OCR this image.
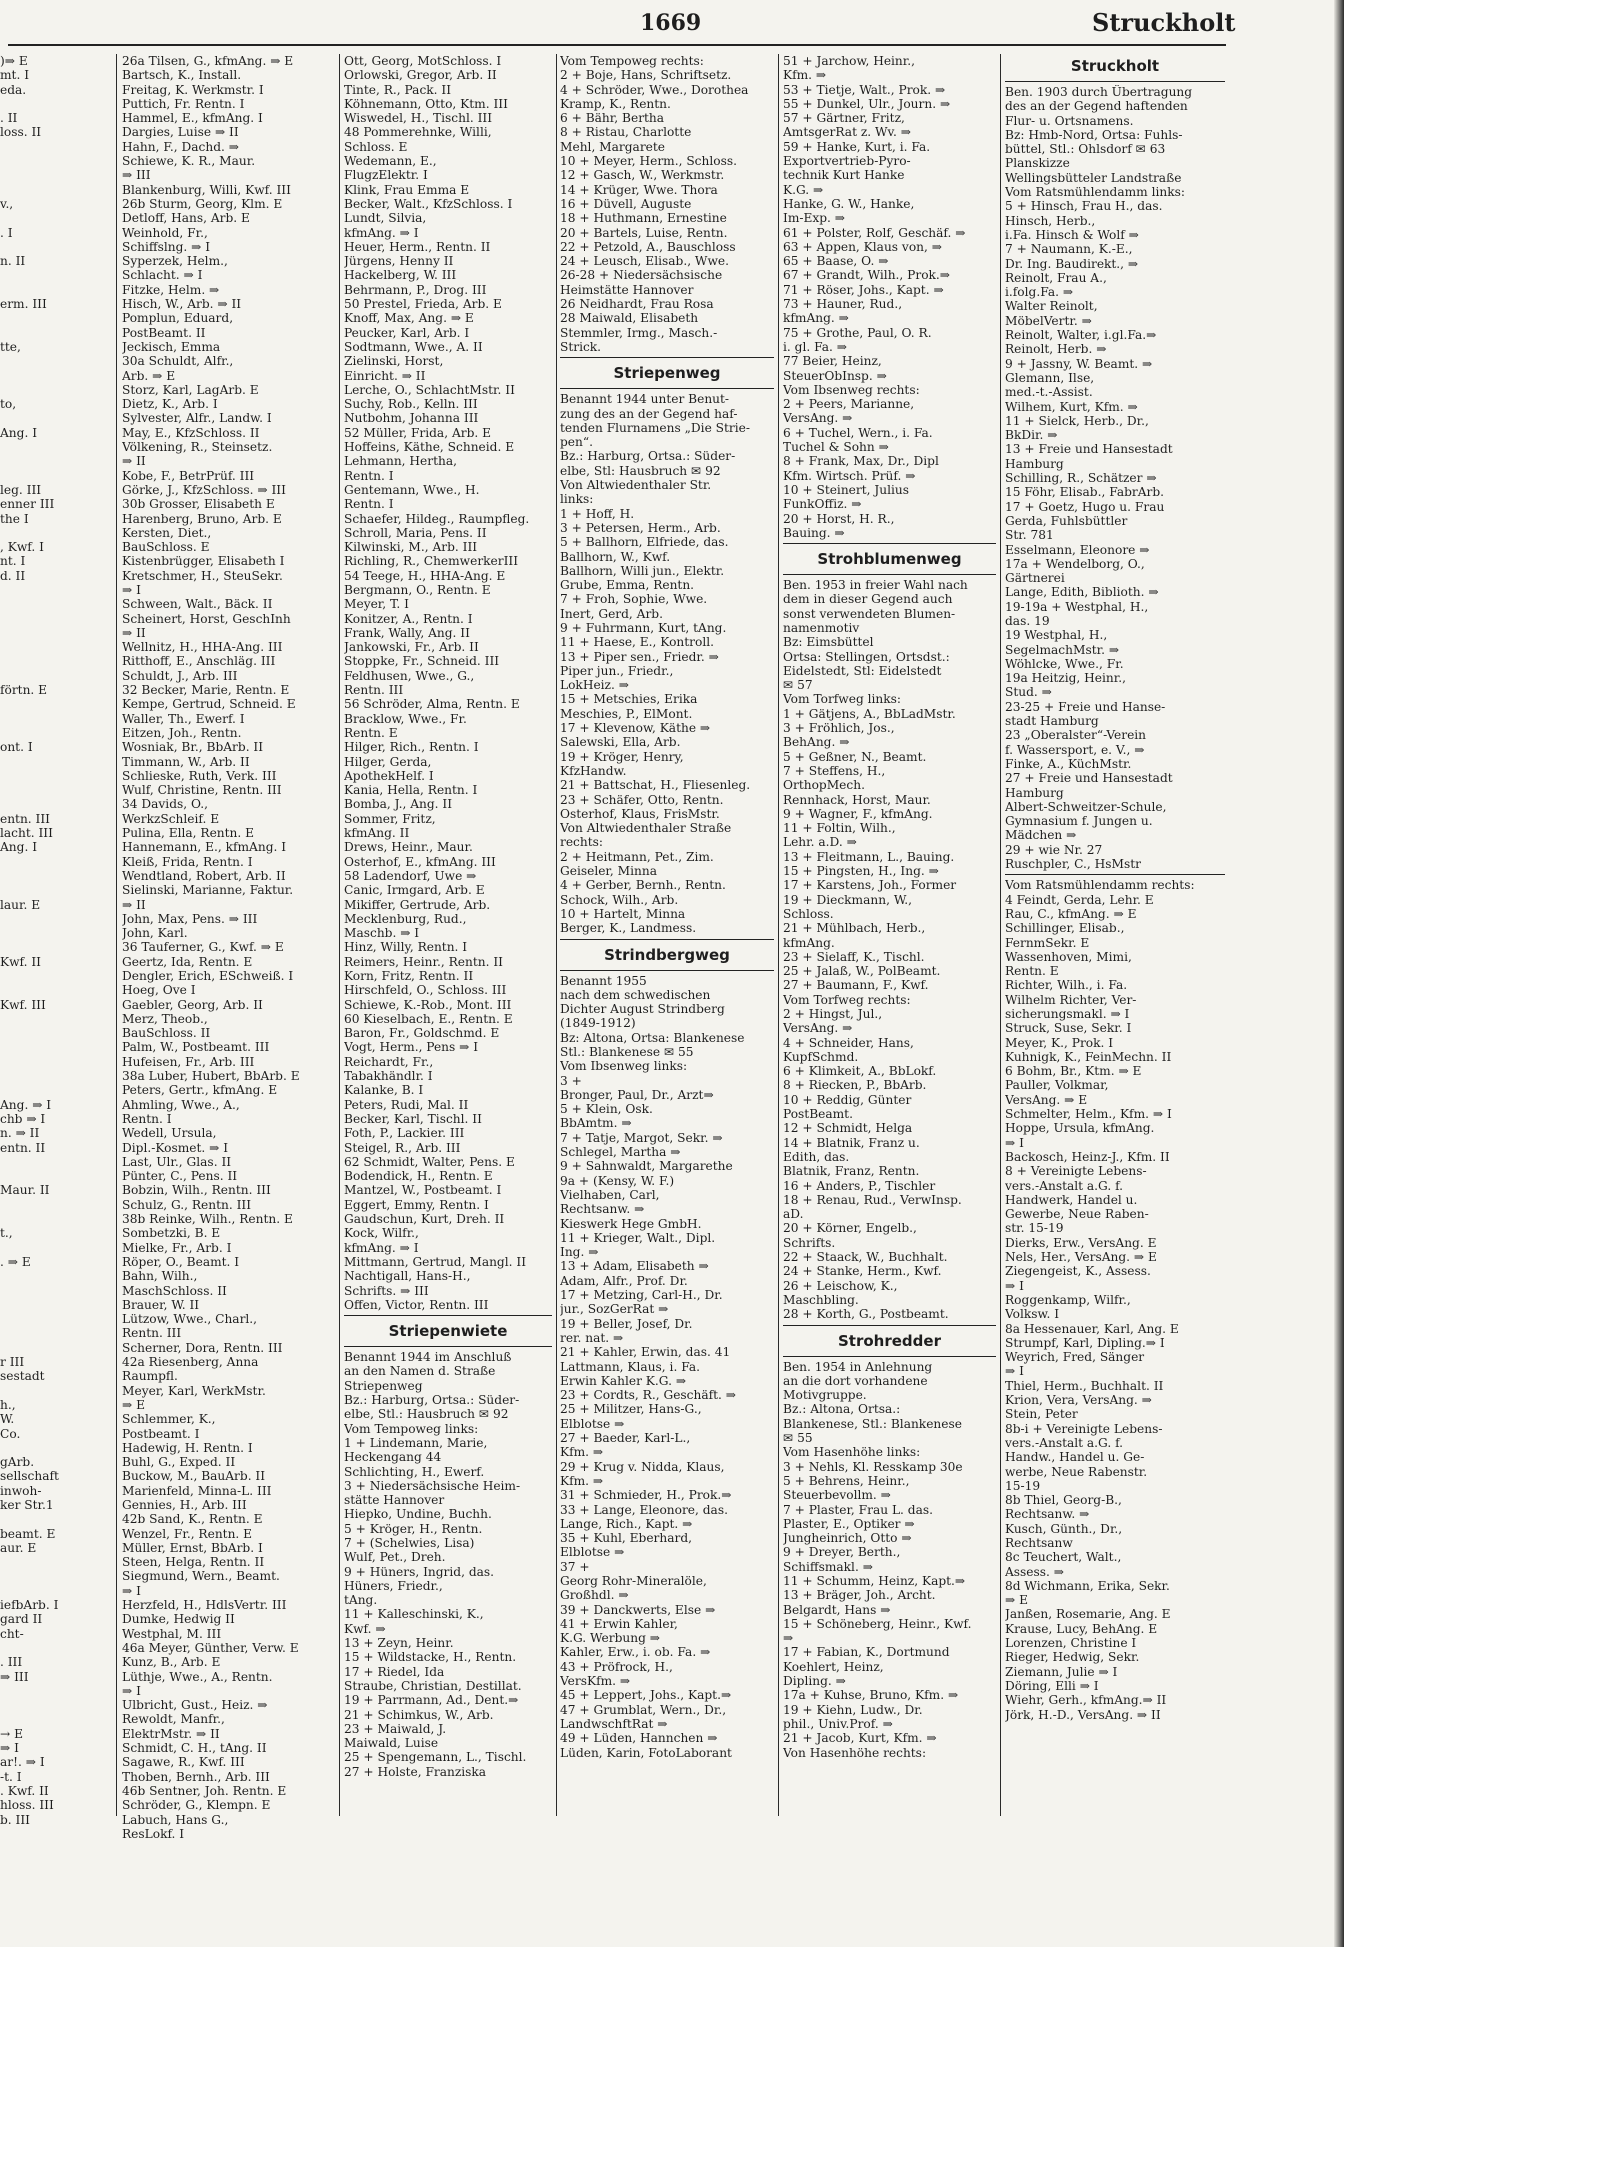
1669	Struckholt
)⇒ E
mt. I
eda.
. II
loss. II
v.,
. I
n. II
erm. III
tte,
to,
Ang. I
leg. III
enner III
the I
, Kwf. I
nt. I
d. II
förtn. E
ont. I
entn. III
lacht. III
Ang. I
laur. E
Kwf. II
Kwf. III
Ang. ⇒ I
chb ⇒ I
n. ⇒ II
entn. II
Maur. II
t.,
. ⇒ E
r III
sestadt
h.,
W.
Co.
gArb.
sellschaft
inwoh-
ker Str.1
beamt. E
aur. E
iefbArb. I
gard II
cht-
. III
⇒ III
→ E
⇒ I
ar!. ⇒ I
-t. I
. Kwf. II
hloss. III
b. III
26a Tilsen, G., kfmAng. ⇒ E
Bartsch, K., Install.
Freitag, K. Werkmstr. I
Puttich, Fr. Rentn. I
Hammel, E., kfmAng. I
Dargies, Luise ⇒ II
Hahn, F., Dachd. ⇒
Schiewe, K. R., Maur.
⇒ III
Blankenburg, Willi, Kwf. III
26b Sturm, Georg, Klm. E
Detloff, Hans, Arb. E
Weinhold, Fr.,
Schiffslng. ⇒ I
Syperzek, Helm.,
Schlacht. ⇒ I
Fitzke, Helm. ⇒
Hisch, W., Arb. ⇒ II
Pomplun, Eduard,
PostBeamt. II
Jeckisch, Emma
30a Schuldt, Alfr.,
Arb. ⇒ E
Storz, Karl, LagArb. E
Dietz, K., Arb. I
Sylvester, Alfr., Landw. I
May, E., KfzSchloss. II
Völkening, R., Steinsetz.
⇒ II
Kobe, F., BetrPrüf. III
Görke, J., KfzSchloss. ⇒ III
30b Grosser, Elisabeth E
Harenberg, Bruno, Arb. E
Kersten, Diet.,
BauSchloss. E
Kistenbrügger, Elisabeth I
Kretschmer, H., SteuSekr.
⇒ I
Schween, Walt., Bäck. II
Scheinert, Horst, GeschInh
⇒ II
Wellnitz, H., HHA-Ang. III
Ritthoff, E., Anschläg. III
Schuldt, J., Arb. III
32 Becker, Marie, Rentn. E
Kempe, Gertrud, Schneid. E
Waller, Th., Ewerf. I
Eitzen, Joh., Rentn.
Wosniak, Br., BbArb. II
Timmann, W., Arb. II
Schlieske, Ruth, Verk. III
Wulf, Christine, Rentn. III
34 Davids, O.,
WerkzSchleif. E
Pulina, Ella, Rentn. E
Hannemann, E., kfmAng. I
Kleiß, Frida, Rentn. I
Wendtland, Robert, Arb. II
Sielinski, Marianne, Faktur.
⇒ II
John, Max, Pens. ⇒ III
John, Karl.
36 Tauferner, G., Kwf. ⇒ E
Geertz, Ida, Rentn. E
Dengler, Erich, ESchweiß. I
Hoeg, Ove I
Gaebler, Georg, Arb. II
Merz, Theob.,
BauSchloss. II
Palm, W., Postbeamt. III
Hufeisen, Fr., Arb. III
38a Luber, Hubert, BbArb. E
Peters, Gertr., kfmAng. E
Ahmling, Wwe., A.,
Rentn. I
Wedell, Ursula,
Dipl.-Kosmet. ⇒ I
Last, Ulr., Glas. II
Pünter, C., Pens. II
Bobzin, Wilh., Rentn. III
Schulz, G., Rentn. III
38b Reinke, Wilh., Rentn. E
Sombetzki, B. E
Mielke, Fr., Arb. I
Röper, O., Beamt. I
Bahn, Wilh.,
MaschSchloss. II
Brauer, W. II
Lützow, Wwe., Charl.,
Rentn. III
Scherner, Dora, Rentn. III
42a Riesenberg, Anna
Raumpfl.
Meyer, Karl, WerkMstr.
⇒ E
Schlemmer, K.,
Postbeamt. I
Hadewig, H. Rentn. I
Buhl, G., Exped. II
Buckow, M., BauArb. II
Marienfeld, Minna-L. III
Gennies, H., Arb. III
42b Sand, K., Rentn. E
Wenzel, Fr., Rentn. E
Müller, Ernst, BbArb. I
Steen, Helga, Rentn. II
Siegmund, Wern., Beamt.
⇒ I
Herzfeld, H., HdlsVertr. III
Dumke, Hedwig II
Westphal, M. III
46a Meyer, Günther, Verw. E
Kunz, B., Arb. E
Lüthje, Wwe., A., Rentn.
⇒ I
Ulbricht, Gust., Heiz. ⇒
Rewoldt, Manfr.,
ElektrMstr. ⇒ II
Schmidt, C. H., tAng. II
Sagawe, R., Kwf. III
Thoben, Bernh., Arb. III
46b Sentner, Joh. Rentn. E
Schröder, G., Klempn. E
Labuch, Hans G.,
ResLokf. I
Ott, Georg, MotSchloss. I
Orlowski, Gregor, Arb. II
Tinte, R., Pack. II
Köhnemann, Otto, Ktm. III
Wiswedel, H., Tischl. III
48 Pommerehnke, Willi,
Schloss. E
Wedemann, E.,
FlugzElektr. I
Klink, Frau Emma E
Becker, Walt., KfzSchloss. I
Lundt, Silvia,
kfmAng. ⇒ I
Heuer, Herm., Rentn. II
Jürgens, Henny II
Hackelberg, W. III
Behrmann, P., Drog. III
50 Prestel, Frieda, Arb. E
Knoff, Max, Ang. ⇒ E
Peucker, Karl, Arb. I
Sodtmann, Wwe., A. II
Zielinski, Horst,
Einricht. ⇒ II
Lerche, O., SchlachtMstr. II
Suchy, Rob., Kelln. III
Nutbohm, Johanna III
52 Müller, Frida, Arb. E
Hoffeins, Käthe, Schneid. E
Lehmann, Hertha,
Rentn. I
Gentemann, Wwe., H.
Rentn. I
Schaefer, Hildeg., Raumpfleg.
Schroll, Maria, Pens. II
Kilwinski, M., Arb. III
Richling, R., ChemwerkerIII
54 Teege, H., HHA-Ang. E
Bergmann, O., Rentn. E
Meyer, T. I
Konitzer, A., Rentn. I
Frank, Wally, Ang. II
Jankowski, Fr., Arb. II
Stoppke, Fr., Schneid. III
Feldhusen, Wwe., G.,
Rentn. III
56 Schröder, Alma, Rentn. E
Bracklow, Wwe., Fr.
Rentn. E
Hilger, Rich., Rentn. I
Hilger, Gerda,
ApothekHelf. I
Kania, Hella, Rentn. I
Bomba, J., Ang. II
Sommer, Fritz,
kfmAng. II
Drews, Heinr., Maur.
Osterhof, E., kfmAng. III
58 Ladendorf, Uwe ⇒
Canic, Irmgard, Arb. E
Mikiffer, Gertrude, Arb.
Mecklenburg, Rud.,
Maschb. ⇒ I
Hinz, Willy, Rentn. I
Reimers, Heinr., Rentn. II
Korn, Fritz, Rentn. II
Hirschfeld, O., Schloss. III
Schiewe, K.-Rob., Mont. III
60 Kieselbach, E., Rentn. E
Baron, Fr., Goldschmd. E
Vogt, Herm., Pens ⇒ I
Reichardt, Fr.,
Tabakhändlr. I
Kalanke, B. I
Peters, Rudi, Mal. II
Becker, Karl, Tischl. II
Foth, P., Lackier. III
Steigel, R., Arb. III
62 Schmidt, Walter, Pens. E
Bodendick, H., Rentn. E
Mantzel, W., Postbeamt. I
Eggert, Emmy, Rentn. I
Gaudschun, Kurt, Dreh. II
Kock, Wilfr.,
kfmAng. ⇒ I
Mittmann, Gertrud, Mangl. II
Nachtigall, Hans-H.,
Schrifts. ⇒ III
Offen, Victor, Rentn. III
Striepenwiete
Benannt 1944 im Anschluß
an den Namen d. Straße
Striepenweg
Bz.: Harburg, Ortsa.: Süder-
elbe, Stl.: Hausbruch ✉ 92
Vom Tempoweg links:
1 + Lindemann, Marie,
Heckengang 44
Schlichting, H., Ewerf.
3 + Niedersächsische Heim-
stätte Hannover
Hiepko, Undine, Buchh.
5 + Kröger, H., Rentn.
7 + (Schelwies, Lisa)
Wulf, Pet., Dreh.
9 + Hüners, Ingrid, das.
Hüners, Friedr.,
tAng.
11 + Kalleschinski, K.,
Kwf. ⇒
13 + Zeyn, Heinr.
15 + Wildstacke, H., Rentn.
17 + Riedel, Ida
Straube, Christian, Destillat.
19 + Parrmann, Ad., Dent.⇒
21 + Schimkus, W., Arb.
23 + Maiwald, J.
Maiwald, Luise
25 + Spengemann, L., Tischl.
27 + Holste, Franziska
Vom Tempoweg rechts:
2 + Boje, Hans, Schriftsetz.
4 + Schröder, Wwe., Dorothea
Kramp, K., Rentn.
6 + Bähr, Bertha
8 + Ristau, Charlotte
Mehl, Margarete
10 + Meyer, Herm., Schloss.
12 + Gasch, W., Werkmstr.
14 + Krüger, Wwe. Thora
16 + Düvell, Auguste
18 + Huthmann, Ernestine
20 + Bartels, Luise, Rentn.
22 + Petzold, A., Bauschloss
24 + Leusch, Elisab., Wwe.
26-28 + Niedersächsische
Heimstätte Hannover
26 Neidhardt, Frau Rosa
28 Maiwald, Elisabeth
Stemmler, Irmg., Masch.-
Strick.
Striepenweg
Benannt 1944 unter Benut-
zung des an der Gegend haf-
tenden Flurnamens „Die Strie-
pen“.
Bz.: Harburg, Ortsa.: Süder-
elbe, Stl: Hausbruch ✉ 92
Von Altwiedenthaler Str.
links:
1 + Hoff, H.
3 + Petersen, Herm., Arb.
5 + Ballhorn, Elfriede, das.
Ballhorn, W., Kwf.
Ballhorn, Willi jun., Elektr.
Grube, Emma, Rentn.
7 + Froh, Sophie, Wwe.
Inert, Gerd, Arb.
9 + Fuhrmann, Kurt, tAng.
11 + Haese, E., Kontroll.
13 + Piper sen., Friedr. ⇒
Piper jun., Friedr.,
LokHeiz. ⇒
15 + Metschies, Erika
Meschies, P., ElMont.
17 + Klevenow, Käthe ⇒
Salewski, Ella, Arb.
19 + Kröger, Henry,
KfzHandw.
21 + Battschat, H., Fliesenleg.
23 + Schäfer, Otto, Rentn.
Osterhof, Klaus, FrisMstr.
Von Altwiedenthaler Straße
rechts:
2 + Heitmann, Pet., Zim.
Geiseler, Minna
4 + Gerber, Bernh., Rentn.
Schock, Wilh., Arb.
10 + Hartelt, Minna
Berger, K., Landmess.
Strindbergweg
Benannt 1955
nach dem schwedischen
Dichter August Strindberg
(1849-1912)
Bz: Altona, Ortsa: Blankenese
Stl.: Blankenese ✉ 55
Vom Ibsenweg links:
3 +
Bronger, Paul, Dr., Arzt⇒
5 + Klein, Osk.
BbAmtm. ⇒
7 + Tatje, Margot, Sekr. ⇒
Schlegel, Martha ⇒
9 + Sahnwaldt, Margarethe
9a + (Kensy, W. F.)
Vielhaben, Carl,
Rechtsanw. ⇒
Kieswerk Hege GmbH.
11 + Krieger, Walt., Dipl.
Ing. ⇒
13 + Adam, Elisabeth ⇒
Adam, Alfr., Prof. Dr.
17 + Metzing, Carl-H., Dr.
jur., SozGerRat ⇒
19 + Beller, Josef, Dr.
rer. nat. ⇒
21 + Kahler, Erwin, das. 41
Lattmann, Klaus, i. Fa.
Erwin Kahler K.G. ⇒
23 + Cordts, R., Geschäft. ⇒
25 + Militzer, Hans-G.,
Elblotse ⇒
27 + Baeder, Karl-L.,
Kfm. ⇒
29 + Krug v. Nidda, Klaus,
Kfm. ⇒
31 + Schmieder, H., Prok.⇒
33 + Lange, Eleonore, das.
Lange, Rich., Kapt. ⇒
35 + Kuhl, Eberhard,
Elblotse ⇒
37 +
Georg Rohr-Mineralöle,
Großhdl. ⇒
39 + Danckwerts, Else ⇒
41 + Erwin Kahler,
K.G. Werbung ⇒
Kahler, Erw., i. ob. Fa. ⇒
43 + Pröfrock, H.,
VersKfm. ⇒
45 + Leppert, Johs., Kapt.⇒
47 + Grumblat, Wern., Dr.,
LandwschftRat ⇒
49 + Lüden, Hannchen ⇒
Lüden, Karin, FotoLaborant
51 + Jarchow, Heinr.,
Kfm. ⇒
53 + Tietje, Walt., Prok. ⇒
55 + Dunkel, Ulr., Journ. ⇒
57 + Gärtner, Fritz,
AmtsgerRat z. Wv. ⇒
59 + Hanke, Kurt, i. Fa.
Exportvertrieb-Pyro-
technik Kurt Hanke
K.G. ⇒
Hanke, G. W., Hanke,
Im-Exp. ⇒
61 + Polster, Rolf, Geschäf. ⇒
63 + Appen, Klaus von, ⇒
65 + Baase, O. ⇒
67 + Grandt, Wilh., Prok.⇒
71 + Röser, Johs., Kapt. ⇒
73 + Hauner, Rud.,
kfmAng. ⇒
75 + Grothe, Paul, O. R.
i. gl. Fa. ⇒
77 Beier, Heinz,
SteuerObInsp. ⇒
Vom Ibsenweg rechts:
2 + Peers, Marianne,
VersAng. ⇒
6 + Tuchel, Wern., i. Fa.
Tuchel & Sohn ⇒
8 + Frank, Max, Dr., Dipl
Kfm. Wirtsch. Prüf. ⇒
10 + Steinert, Julius
FunkOffiz. ⇒
20 + Horst, H. R.,
Bauing. ⇒
Strohblumenweg
Ben. 1953 in freier Wahl nach
dem in dieser Gegend auch
sonst verwendeten Blumen-
namenmotiv
Bz: Eimsbüttel
Ortsa: Stellingen, Ortsdst.:
Eidelstedt, Stl: Eidelstedt
✉ 57
Vom Torfweg links:
1 + Gätjens, A., BbLadMstr.
3 + Fröhlich, Jos.,
BehAng. ⇒
5 + Geßner, N., Beamt.
7 + Steffens, H.,
OrthopMech.
Rennhack, Horst, Maur.
9 + Wagner, F., kfmAng.
11 + Foltin, Wilh.,
Lehr. a.D. ⇒
13 + Fleitmann, L., Bauing.
15 + Pingsten, H., Ing. ⇒
17 + Karstens, Joh., Former
19 + Dieckmann, W.,
Schloss.
21 + Mühlbach, Herb.,
kfmAng.
23 + Sielaff, K., Tischl.
25 + Jalaß, W., PolBeamt.
27 + Baumann, F., Kwf.
Vom Torfweg rechts:
2 + Hingst, Jul.,
VersAng. ⇒
4 + Schneider, Hans,
KupfSchmd.
6 + Klimkeit, A., BbLokf.
8 + Riecken, P., BbArb.
10 + Reddig, Günter
PostBeamt.
12 + Schmidt, Helga
14 + Blatnik, Franz u.
Edith, das.
Blatnik, Franz, Rentn.
16 + Anders, P., Tischler
18 + Renau, Rud., VerwInsp.
aD.
20 + Körner, Engelb.,
Schrifts.
22 + Staack, W., Buchhalt.
24 + Stanke, Herm., Kwf.
26 + Leischow, K.,
Maschbling.
28 + Korth, G., Postbeamt.
Strohredder
Ben. 1954 in Anlehnung
an die dort vorhandene
Motivgruppe.
Bz.: Altona, Ortsa.:
Blankenese, Stl.: Blankenese
✉ 55
Vom Hasenhöhe links:
3 + Nehls, Kl. Resskamp 30e
5 + Behrens, Heinr.,
Steuerbevollm. ⇒
7 + Plaster, Frau L. das.
Plaster, E., Optiker ⇒
Jungheinrich, Otto ⇒
9 + Dreyer, Berth.,
Schiffsmakl. ⇒
11 + Schumm, Heinz, Kapt.⇒
13 + Bräger, Joh., Archt.
Belgardt, Hans ⇒
15 + Schöneberg, Heinr., Kwf.
⇒
17 + Fabian, K., Dortmund
Koehlert, Heinz,
Dipling. ⇒
17a + Kuhse, Bruno, Kfm. ⇒
19 + Kiehn, Ludw., Dr.
phil., Univ.Prof. ⇒
21 + Jacob, Kurt, Kfm. ⇒
Von Hasenhöhe rechts:
Struckholt
Ben. 1903 durch Übertragung
des an der Gegend haftenden
Flur- u. Ortsnamens.
Bz: Hmb-Nord, Ortsa: Fuhls-
büttel, Stl.: Ohlsdorf ✉ 63
Planskizze
Wellingsbütteler Landstraße
Vom Ratsmühlendamm links:
5 + Hinsch, Frau H., das.
Hinsch, Herb.,
i.Fa. Hinsch & Wolf ⇒
7 + Naumann, K.-E.,
Dr. Ing. Baudirekt., ⇒
Reinolt, Frau A.,
i.folg.Fa. ⇒
Walter Reinolt,
MöbelVertr. ⇒
Reinolt, Walter, i.gl.Fa.⇒
Reinolt, Herb. ⇒
9 + Jassny, W. Beamt. ⇒
Glemann, Ilse,
med.-t.-Assist.
Wilhem, Kurt, Kfm. ⇒
11 + Sielck, Herb., Dr.,
BkDir. ⇒
13 + Freie und Hansestadt
Hamburg
Schilling, R., Schätzer ⇒
15 Föhr, Elisab., FabrArb.
17 + Goetz, Hugo u. Frau
Gerda, Fuhlsbüttler
Str. 781
Esselmann, Eleonore ⇒
17a + Wendelborg, O.,
Gärtnerei
Lange, Edith, Biblioth. ⇒
19-19a + Westphal, H.,
das. 19
19 Westphal, H.,
SegelmachMstr. ⇒
Wöhlcke, Wwe., Fr.
19a Heitzig, Heinr.,
Stud. ⇒
23-25 + Freie und Hanse-
stadt Hamburg
23 „Oberalster“-Verein
f. Wassersport, e. V., ⇒
Finke, A., KüchMstr.
27 + Freie und Hansestadt
Hamburg
Albert-Schweitzer-Schule,
Gymnasium f. Jungen u.
Mädchen ⇒
29 + wie Nr. 27
Ruschpler, C., HsMstr
Vom Ratsmühlendamm rechts:
4 Feindt, Gerda, Lehr. E
Rau, C., kfmAng. ⇒ E
Schillinger, Elisab.,
FernmSekr. E
Wassenhoven, Mimi,
Rentn. E
Richter, Wilh., i. Fa.
Wilhelm Richter, Ver-
sicherungsmakl. ⇒ I
Struck, Suse, Sekr. I
Meyer, K., Prok. I
Kuhnigk, K., FeinMechn. II
6 Bohm, Br., Ktm. ⇒ E
Pauller, Volkmar,
VersAng. ⇒ E
Schmelter, Helm., Kfm. ⇒ I
Hoppe, Ursula, kfmAng.
⇒ I
Backosch, Heinz-J., Kfm. II
8 + Vereinigte Lebens-
vers.-Anstalt a.G. f.
Handwerk, Handel u.
Gewerbe, Neue Raben-
str. 15-19
Dierks, Erw., VersAng. E
Nels, Her., VersAng. ⇒ E
Ziegengeist, K., Assess.
⇒ I
Roggenkamp, Wilfr.,
Volksw. I
8a Hessenauer, Karl, Ang. E
Strumpf, Karl, Dipling.⇒ I
Weyrich, Fred, Sänger
⇒ I
Thiel, Herm., Buchhalt. II
Krion, Vera, VersAng. ⇒
Stein, Peter
8b-i + Vereinigte Lebens-
vers.-Anstalt a.G. f.
Handw., Handel u. Ge-
werbe, Neue Rabenstr.
15-19
8b Thiel, Georg-B.,
Rechtsanw. ⇒
Kusch, Günth., Dr.,
Rechtsanw
8c Teuchert, Walt.,
Assess. ⇒
8d Wichmann, Erika, Sekr.
⇒ E
Janßen, Rosemarie, Ang. E
Krause, Lucy, BehAng. E
Lorenzen, Christine I
Rieger, Hedwig, Sekr.
Ziemann, Julie ⇒ I
Döring, Elli ⇒ I
Wiehr, Gerh., kfmAng.⇒ II
Jörk, H.-D., VersAng. ⇒ II
